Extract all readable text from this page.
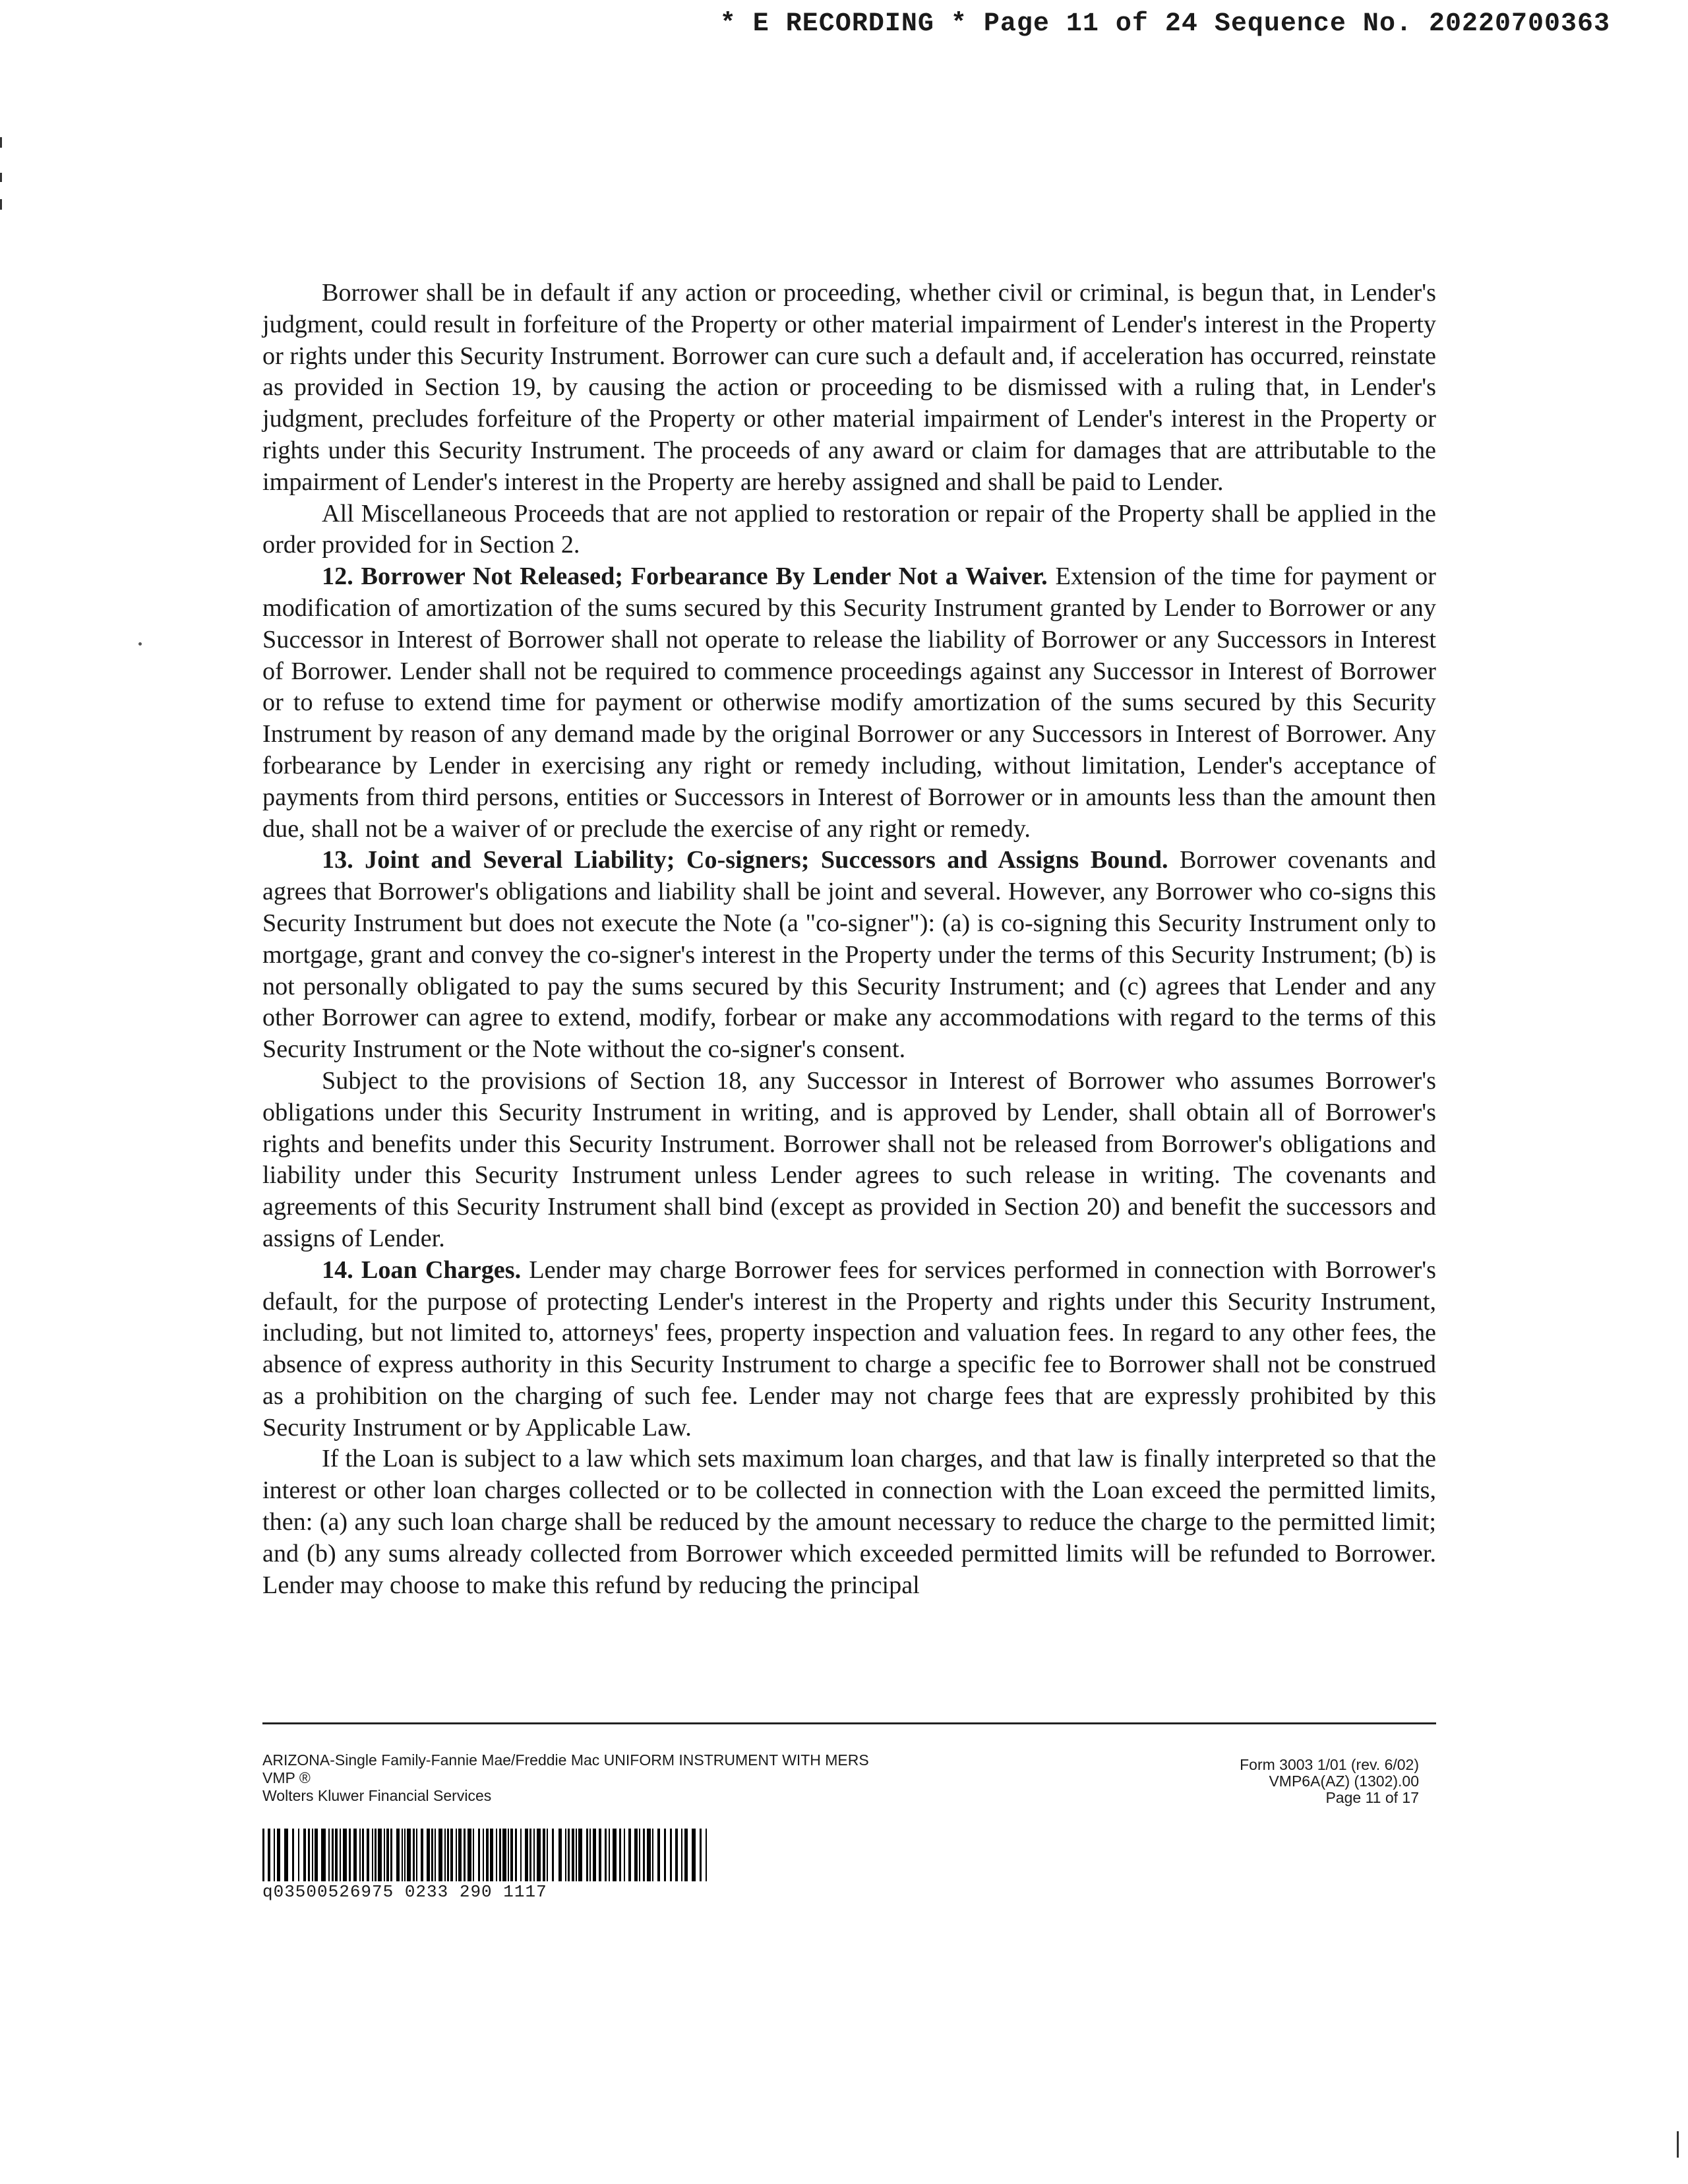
* E RECORDING * Page 11 of 24 Sequence No. 20220700363

Borrower shall be in default if any action or proceeding, whether civil or criminal, is begun that, in Lender's judgment, could result in forfeiture of the Property or other material impairment of Lender's interest in the Property or rights under this Security Instrument. Borrower can cure such a default and, if acceleration has occurred, reinstate as provided in Section 19, by causing the action or proceeding to be dismissed with a ruling that, in Lender's judgment, precludes forfeiture of the Property or other material impairment of Lender's interest in the Property or rights under this Security Instrument. The proceeds of any award or claim for damages that are attributable to the impairment of Lender's interest in the Property are hereby assigned and shall be paid to Lender.

All Miscellaneous Proceeds that are not applied to restoration or repair of the Property shall be applied in the order provided for in Section 2.

12. Borrower Not Released; Forbearance By Lender Not a Waiver. Extension of the time for payment or modification of amortization of the sums secured by this Security Instrument granted by Lender to Borrower or any Successor in Interest of Borrower shall not operate to release the liability of Borrower or any Successors in Interest of Borrower. Lender shall not be required to commence proceedings against any Successor in Interest of Borrower or to refuse to extend time for payment or otherwise modify amortization of the sums secured by this Security Instrument by reason of any demand made by the original Borrower or any Successors in Interest of Borrower. Any forbearance by Lender in exercising any right or remedy including, without limitation, Lender's acceptance of payments from third persons, entities or Successors in Interest of Borrower or in amounts less than the amount then due, shall not be a waiver of or preclude the exercise of any right or remedy.

13. Joint and Several Liability; Co-signers; Successors and Assigns Bound. Borrower covenants and agrees that Borrower's obligations and liability shall be joint and several. However, any Borrower who co-signs this Security Instrument but does not execute the Note (a "co-signer"): (a) is co-signing this Security Instrument only to mortgage, grant and convey the co-signer's interest in the Property under the terms of this Security Instrument; (b) is not personally obligated to pay the sums secured by this Security Instrument; and (c) agrees that Lender and any other Borrower can agree to extend, modify, forbear or make any accommodations with regard to the terms of this Security Instrument or the Note without the co-signer's consent.

Subject to the provisions of Section 18, any Successor in Interest of Borrower who assumes Borrower's obligations under this Security Instrument in writing, and is approved by Lender, shall obtain all of Borrower's rights and benefits under this Security Instrument. Borrower shall not be released from Borrower's obligations and liability under this Security Instrument unless Lender agrees to such release in writing. The covenants and agreements of this Security Instrument shall bind (except as provided in Section 20) and benefit the successors and assigns of Lender.

14. Loan Charges. Lender may charge Borrower fees for services performed in connection with Borrower's default, for the purpose of protecting Lender's interest in the Property and rights under this Security Instrument, including, but not limited to, attorneys' fees, property inspection and valuation fees. In regard to any other fees, the absence of express authority in this Security Instrument to charge a specific fee to Borrower shall not be construed as a prohibition on the charging of such fee. Lender may not charge fees that are expressly prohibited by this Security Instrument or by Applicable Law.

If the Loan is subject to a law which sets maximum loan charges, and that law is finally interpreted so that the interest or other loan charges collected or to be collected in connection with the Loan exceed the permitted limits, then: (a) any such loan charge shall be reduced by the amount necessary to reduce the charge to the permitted limit; and (b) any sums already collected from Borrower which exceeded permitted limits will be refunded to Borrower. Lender may choose to make this refund by reducing the principal

ARIZONA-Single Family-Fannie Mae/Freddie Mac UNIFORM INSTRUMENT WITH MERS
VMP ®
Wolters Kluwer Financial Services
Form 3003 1/01 (rev. 6/02)
VMP6A(AZ) (1302).00
Page 11 of 17
q03500526975 0233 290 1117
